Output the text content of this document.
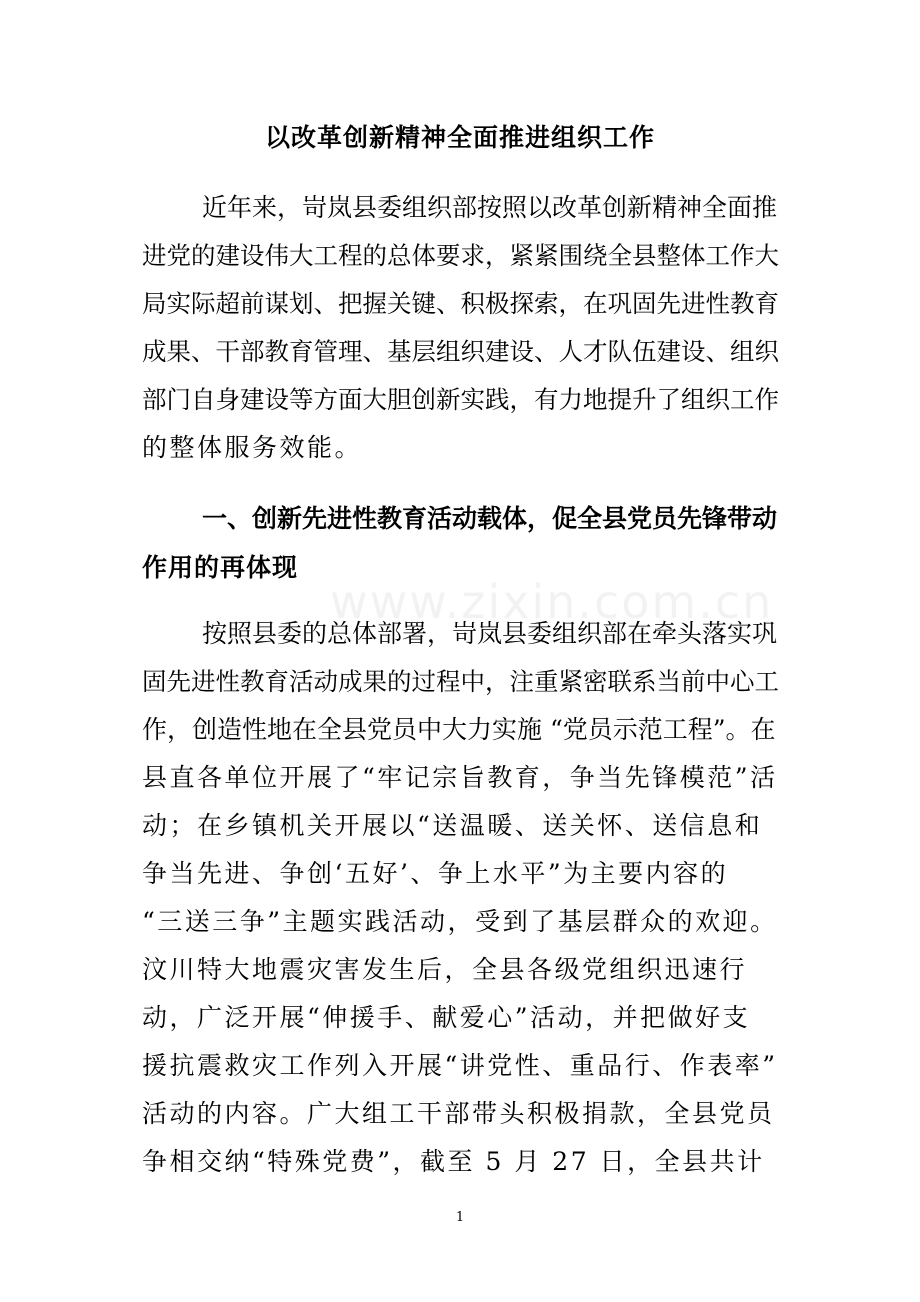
www.zixin.com.cn
以改革创新精神全面推进组织工作
近年来，岢岚县委组织部按照以改革创新精神全面推
进党的建设伟大工程的总体要求，紧紧围绕全县整体工作大
局实际超前谋划、把握关键、积极探索，在巩固先进性教育
成果、干部教育管理、基层组织建设、人才队伍建设、组织
部门自身建设等方面大胆创新实践，有力地提升了组织工作
的整体服务效能。
一、创新先进性教育活动载体，促全县党员先锋带动
作用的再体现
按照县委的总体部署，岢岚县委组织部在牵头落实巩
固先进性教育活动成果的过程中，注重紧密联系当前中心工
作，创造性地在全县党员中大力实施 “党员示范工程”。在
县直各单位开展了“牢记宗旨教育，争当先锋模范”活
动；在乡镇机关开展以“送温暖、送关怀、送信息和
争当先进、争创‘五好’、争上水平”为主要内容的
“三送三争”主题实践活动，受到了基层群众的欢迎。
汶川特大地震灾害发生后，全县各级党组织迅速行
动，广泛开展“伸援手、献爱心”活动，并把做好支
援抗震救灾工作列入开展“讲党性、重品行、作表率”
活动的内容。广大组工干部带头积极捐款，全县党员
争相交纳“特殊党费”，截至 5 月 27 日，全县共计
1
